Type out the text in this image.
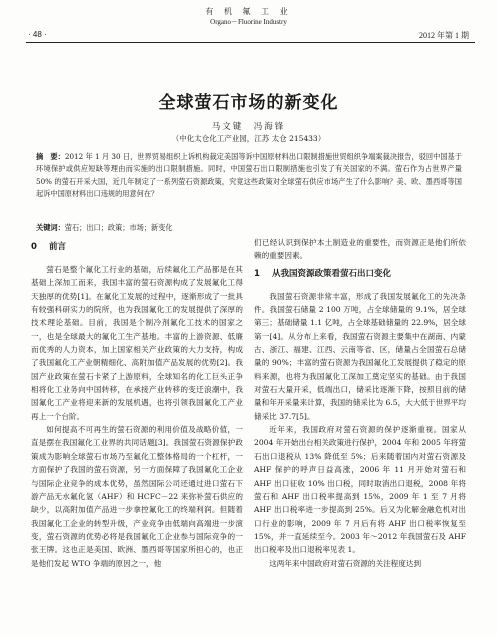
有 机 氟 工 业
Organo－Fluorine Industry
· 48 ·	2012 年第 1 期
全球萤石市场的新变化
马文键　冯海锋
（中化太仓化工产业园，江苏 太仓 215433）
摘　要：2012 年 1 月 30 日，世界贸易组织上诉机构裁定美国等诉中国原材料出口限制措施世贸组织争端案裁决报告，驳回中国基于环境保护或供应短缺等理由而实施的出口限制措施。同时，中国萤石出口限制措施也引发了有关国家的不满。萤石作为占世界产量 50% 的萤石开采大国，近几年制定了一系列萤石资源政策，究竟这些政策对全球萤石供应市场产生了什么影响？美、欧、墨西哥等国起诉中国原材料出口违规的用意何在？
关键词：萤石；出口；政策；市场；新变化
0 前言

萤石是整个氟化工行业的基础，后续氟化工产品都是在其基础上深加工而来，我国丰富的萤石资源构成了发展氟化工得天独厚的优势[1]。在氟化工发展的过程中，逐渐形成了一批具有较强科研实力的院所，也为我国氟化工的发展提供了深厚的技术理论基础。目前，我国是个制冷剂氟化工技术的国家之一，也是全球最大的氟化工生产基地。丰富的上游资源、低廉而优秀的人力资本，加上国家相关产业政策的大力支持，构成了我国氟化工产业朝精细化、高附加值产品发展的优势[2]。我国产业政策在萤石卡紧了上游原料，全球知名的化工巨头正争相将化工业务向中国转移，在承接产业转移的变迁浪潮中，我国氟化工产业将迎来新的发展机遇，也将引领我国氟化工产业再上一个台阶。

如何提高不可再生的萤石资源的利用价值及战略价值，一直是摆在我国氟化工业界的共同话题[3]。我国萤石资源保护政策成为影响全球萤石市场乃至氟化工整体格局的一个杠杆，一方面保护了我国的萤石资源，另一方面保障了我国氟化工企业与国际企业竞争的成本优势，虽然国际公司还通过进口萤石下游产品无水氟化氢（AHF）和 HCFC－22 来弥补萤石供应的缺少，以高附加值产品进一步拿控氟化工的终端利润。但随着我国氟化工企业的转型升级，产业竞争由低端向高端进一步演变，萤石资源的优势必将是我国氟化工企业参与国际竞争的一张王牌。这也正是美国、欧洲、墨西哥等国家所担心的，也正是他们发起 WTO 争端的原因之一，他

们已经认识到保护本土制造业的重要性，而资源正是他们所依赖的重要因素。

1 从我国资源政策看萤石出口变化

我国萤石资源非常丰富，形成了我国发展氟化工的先决条件。我国萤石储量 2 100 万吨，占全球储量的 9.1%，居全球第三；基础储量 1.1 亿吨，占全球基础储量的 22.9%，居全球第一[4]。从分布上来看，我国萤石资源主要集中在湖南、内蒙古、浙江、福建、江西、云南等省、区，储量占全国萤石总储量的 90%；丰富的萤石资源为我国氟化工发展提供了稳定的原料来源，也将为我国氟化工深加工奠定坚实的基础。由于我国对萤石大量开采，低端出口，储采比逐渐下降，按照目前的储量和年开采量来计算，我国的储采比为 6.5，大大低于世界平均储采比 37.7[5]。

近年来，我国政府对萤石资源的保护逐渐重视。国家从 2004 年开始出台相关政策进行保护，2004 年和 2005 年将萤石出口退税从 13% 降低至 5%；后来随着国内对萤石资源及 AHF 保护的呼声日益高涨，2006 年 11 月开始对萤石和 AHF 出口征收 10% 出口税，同时取消出口退税，2008 年将萤石和 AHF 出口税率提高到 15%，2009 年 1 至 7 月将 AHF 出口税率进一步提高到 25%。后又为化解金融危机对出口行业的影响，2009 年 7 月后有将 AHF 出口税率恢复至 15%，并一直延续至今。2003 年～2012 年我国萤石及 AHF 出口税率及出口退税率见表 1。

这两年来中国政府对萤石资源的关注程度达到
